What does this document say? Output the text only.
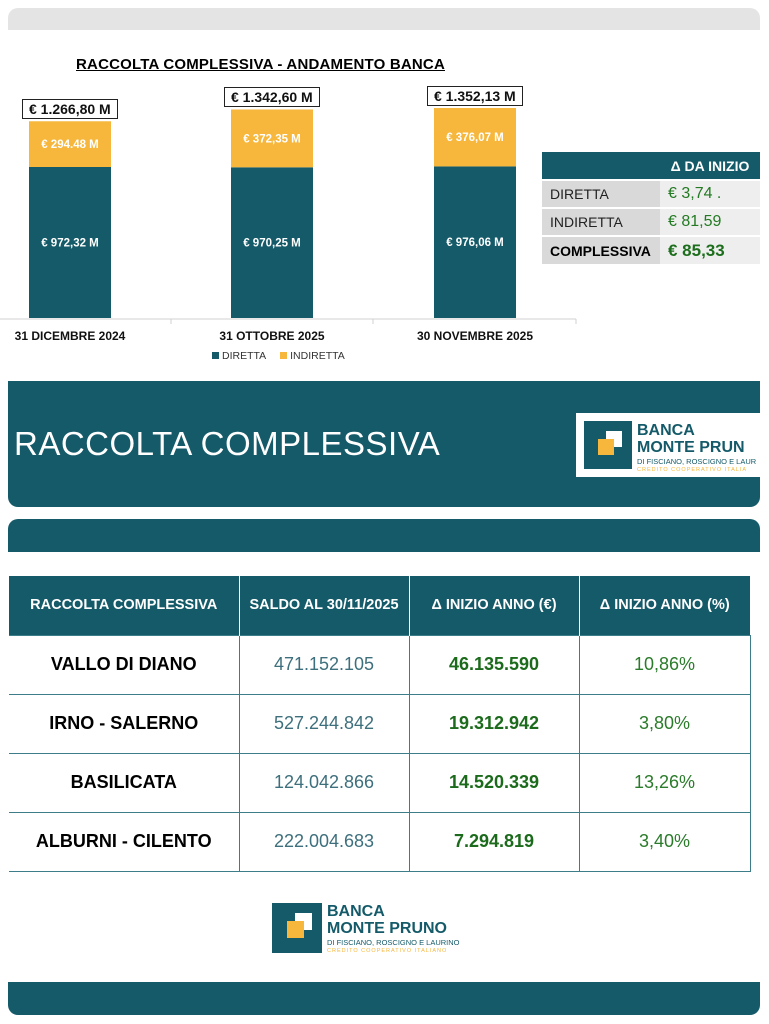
RACCOLTA COMPLESSIVA - ANDAMENTO BANCA
€ 972,32 M
€ 294.48 M
31 DICEMBRE 2024
€ 970,25 M
€ 372,35 M
31 OTTOBRE 2025
€ 976,06 M
€ 376,07 M
30 NOVEMBRE 2025
DIRETTA	INDIRETTA
	Δ DA INIZIO
DIRETTA	€ 3,74 .
INDIRETTA	€ 81,59
COMPLESSIVA	€ 85,33
RACCOLTA COMPLESSIVA	BANCA
MONTE PRUN
DI FISCIANO, ROSCIGNO E LAUR
CREDITO COOPERATIVO ITALIA
RACCOLTA COMPLESSIVA	SALDO AL 30/11/2025	Δ INIZIO ANNO (€)	Δ INIZIO ANNO (%)
VALLO DI DIANO	471.152.105	46.135.590	10,86%
IRNO - SALERNO	527.244.842	19.312.942	3,80%
BASILICATA	124.042.866	14.520.339	13,26%
ALBURNI - CILENTO	222.004.683	7.294.819	3,40%
BANCA
MONTE PRUNO
DI FISCIANO, ROSCIGNO E LAURINO
CREDITO COOPERATIVO ITALIANO
€ 1.266,80 M
€ 1.342,60 M	€ 1.352,13 M
